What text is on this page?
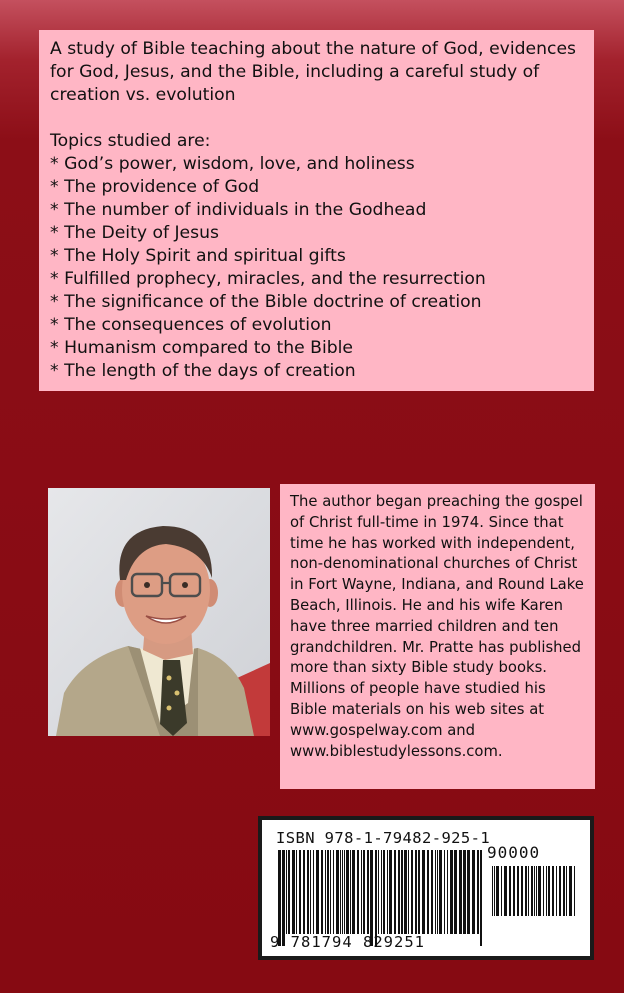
A study of Bible teaching about the nature of God, evidences for God, Jesus, and the Bible, including a careful study of creation vs. evolution

Topics studied are:

* God’s power, wisdom, love, and holiness
* The providence of God
* The number of individuals in the Godhead
* The Deity of Jesus
* The Holy Spirit and spiritual gifts
* Fulfilled prophecy, miracles, and the resurrection
* The significance of the Bible doctrine of creation
* The consequences of evolution
* Humanism compared to the Bible
* The length of the days of creation
The author began preaching the gospel of Christ full-time in 1974. Since that time he has worked with independent, non-denominational churches of Christ in Fort Wayne, Indiana, and Round Lake Beach, Illinois. He and his wife Karen have three married children and ten grandchildren. Mr. Pratte has published more than sixty Bible study books. Millions of people have studied his Bible materials on his web sites at www.gospelway.com and www.biblestudylessons.com.
ISBN 978-1-79482-925-1
90000
9 781794 829251
